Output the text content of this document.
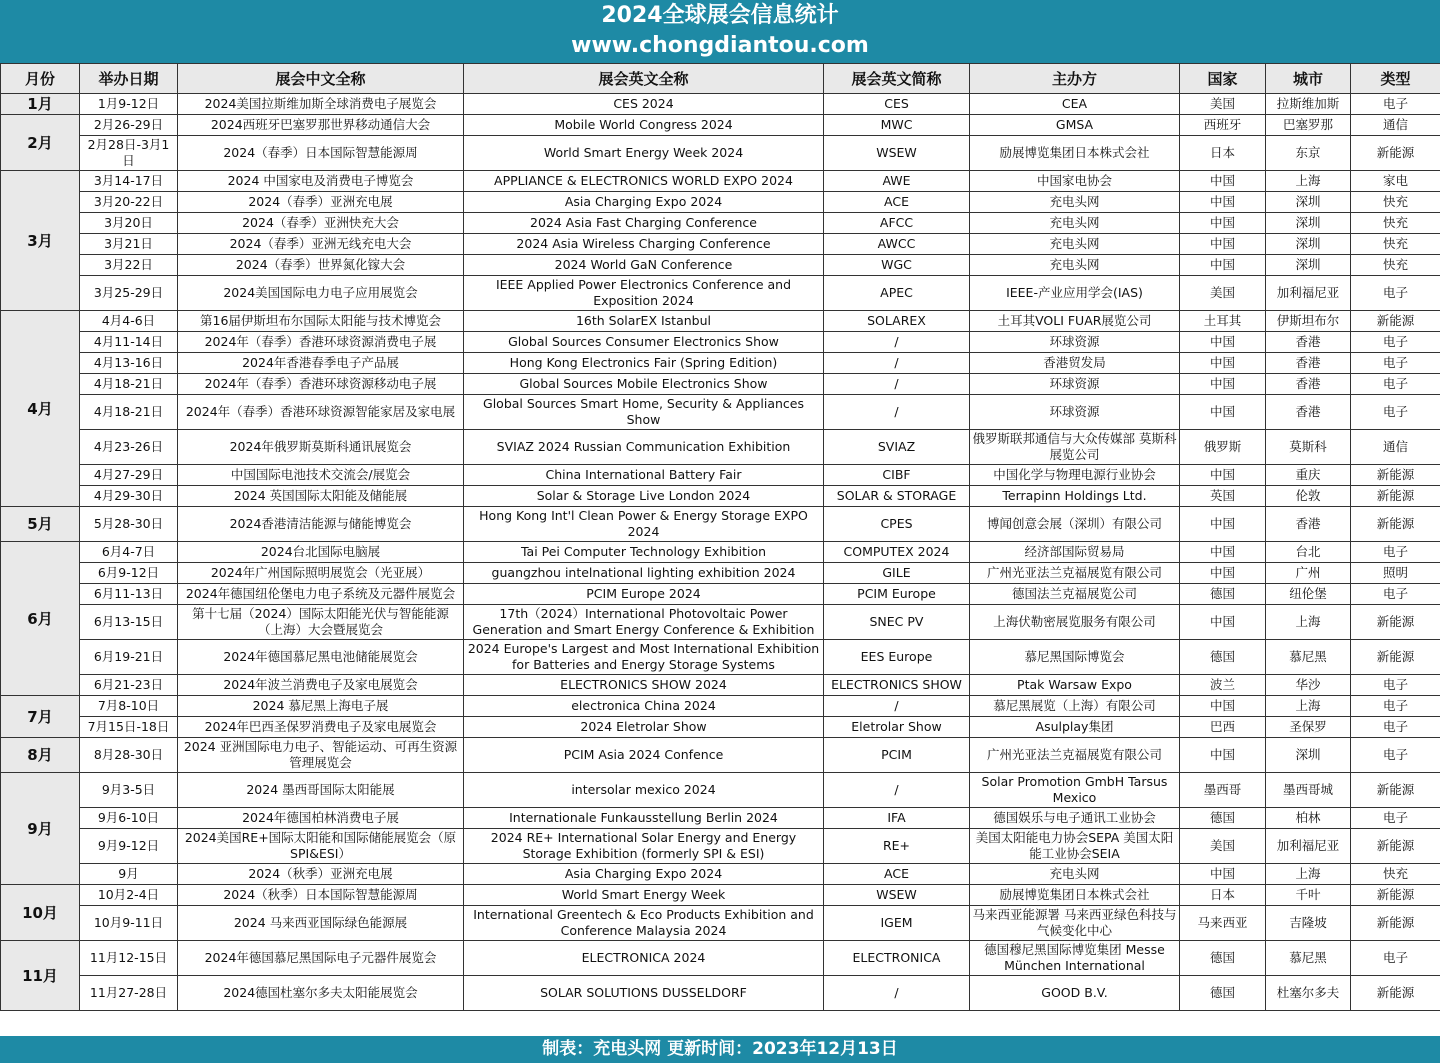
2024全球展会信息统计
www.chongdiantou.com
月份	举办日期	展会中文全称	展会英文全称	展会英文简称	主办方	国家	城市	类型
1月	1月9-12日	2024美国拉斯维加斯全球消费电子展览会	CES 2024	CES	CEA	美国	拉斯维加斯	电子
2月	2月26-29日	2024西班牙巴塞罗那世界移动通信大会	Mobile World Congress 2024	MWC	GMSA	西班牙	巴塞罗那	通信
	2月28日-3月1日	2024（春季）日本国际智慧能源周	World Smart Energy Week 2024	WSEW	励展博览集团日本株式会社	日本	东京	新能源
3月	3月14-17日	2024 中国家电及消费电子博览会	APPLIANCE & ELECTRONICS WORLD EXPO 2024	AWE	中国家电协会	中国	上海	家电
	3月20-22日	2024（春季）亚洲充电展	Asia Charging Expo 2024	ACE	充电头网	中国	深圳	快充
	3月20日	2024（春季）亚洲快充大会	2024 Asia Fast Charging Conference	AFCC	充电头网	中国	深圳	快充
	3月21日	2024（春季）亚洲无线充电大会	2024 Asia Wireless Charging Conference	AWCC	充电头网	中国	深圳	快充
	3月22日	2024（春季）世界氮化镓大会	2024 World GaN Conference	WGC	充电头网	中国	深圳	快充
	3月25-29日	2024美国国际电力电子应用展览会	IEEE Applied Power Electronics Conference and Exposition 2024	APEC	IEEE-产业应用学会(IAS)	美国	加利福尼亚	电子
4月	4月4-6日	第16届伊斯坦布尔国际太阳能与技术博览会	16th SolarEX Istanbul	SOLAREX	土耳其VOLI FUAR展览公司	土耳其	伊斯坦布尔	新能源
	4月11-14日	2024年（春季）香港环球资源消费电子展	Global Sources Consumer Electronics Show	/	环球资源	中国	香港	电子
	4月13-16日	2024年香港春季电子产品展	Hong Kong Electronics Fair (Spring Edition)	/	香港贸发局	中国	香港	电子
	4月18-21日	2024年（春季）香港环球资源移动电子展	Global Sources Mobile Electronics Show	/	环球资源	中国	香港	电子
	4月18-21日	2024年（春季）香港环球资源智能家居及家电展	Global Sources Smart Home, Security & Appliances Show	/	环球资源	中国	香港	电子
	4月23-26日	2024年俄罗斯莫斯科通讯展览会	SVIAZ 2024 Russian Communication Exhibition	SVIAZ	俄罗斯联邦通信与大众传媒部 莫斯科展览公司	俄罗斯	莫斯科	通信
	4月27-29日	中国国际电池技术交流会/展览会	China International Battery Fair	CIBF	中国化学与物理电源行业协会	中国	重庆	新能源
	4月29-30日	2024 英国国际太阳能及储能展	Solar & Storage Live London 2024	SOLAR & STORAGE	Terrapinn Holdings Ltd.	英国	伦敦	新能源
5月	5月28-30日	2024香港清洁能源与储能博览会	Hong Kong Int'l Clean Power & Energy Storage EXPO 2024	CPES	博闻创意会展（深圳）有限公司	中国	香港	新能源
6月	6月4-7日	2024台北国际电脑展	Tai Pei Computer Technology Exhibition	COMPUTEX 2024	经济部国际贸易局	中国	台北	电子
	6月9-12日	2024年广州国际照明展览会（光亚展）	guangzhou intelnational lighting exhibition 2024	GILE	广州光亚法兰克福展览有限公司	中国	广州	照明
	6月11-13日	2024年德国纽伦堡电力电子系统及元器件展览会	PCIM Europe 2024	PCIM Europe	德国法兰克福展览公司	德国	纽伦堡	电子
	6月13-15日	第十七届（2024）国际太阳能光伏与智能能源（上海）大会暨展览会	17th（2024）International Photovoltaic Power Generation and Smart Energy Conference & Exhibition	SNEC PV	上海伏勒密展览服务有限公司	中国	上海	新能源
	6月19-21日	2024年德国慕尼黑电池储能展览会	2024 Europe's Largest and Most International Exhibition for Batteries and Energy Storage Systems	EES Europe	慕尼黑国际博览会	德国	慕尼黑	新能源
	6月21-23日	2024年波兰消费电子及家电展览会	ELECTRONICS SHOW 2024	ELECTRONICS SHOW	Ptak Warsaw Expo	波兰	华沙	电子
7月	7月8-10日	2024 慕尼黑上海电子展	electronica China 2024	/	慕尼黑展览（上海）有限公司	中国	上海	电子
	7月15日-18日	2024年巴西圣保罗消费电子及家电展览会	2024 Eletrolar Show	Eletrolar Show	Asulplay集团	巴西	圣保罗	电子
8月	8月28-30日	2024 亚洲国际电力电子、智能运动、可再生资源管理展览会	PCIM Asia 2024 Confence	PCIM	广州光亚法兰克福展览有限公司	中国	深圳	电子
9月	9月3-5日	2024 墨西哥国际太阳能展	intersolar mexico 2024	/	Solar Promotion GmbH Tarsus Mexico	墨西哥	墨西哥城	新能源
	9月6-10日	2024年德国柏林消费电子展	Internationale Funkausstellung Berlin 2024	IFA	德国娱乐与电子通讯工业协会	德国	柏林	电子
	9月9-12日	2024美国RE+国际太阳能和国际储能展览会（原SPI&ESI）	2024 RE+ International Solar Energy and Energy Storage Exhibition (formerly SPI & ESI)	RE+	美国太阳能电力协会SEPA 美国太阳能工业协会SEIA	美国	加利福尼亚	新能源
	9月	2024（秋季）亚洲充电展	Asia Charging Expo 2024	ACE	充电头网	中国	上海	快充
10月	10月2-4日	2024（秋季）日本国际智慧能源周	World Smart Energy Week	WSEW	励展博览集团日本株式会社	日本	千叶	新能源
	10月9-11日	2024 马来西亚国际绿色能源展	International Greentech & Eco Products Exhibition and Conference Malaysia 2024	IGEM	马来西亚能源署 马来西亚绿色科技与气候变化中心	马来西亚	吉隆坡	新能源
11月	11月12-15日	2024年德国慕尼黑国际电子元器件展览会	ELECTRONICA 2024	ELECTRONICA	德国穆尼黑国际博览集团 Messe München International	德国	慕尼黑	电子
	11月27-28日	2024德国杜塞尔多夫太阳能展览会	SOLAR SOLUTIONS DUSSELDORF	/	GOOD B.V.	德国	杜塞尔多夫	新能源
制表：充电头网 更新时间：2023年12月13日
